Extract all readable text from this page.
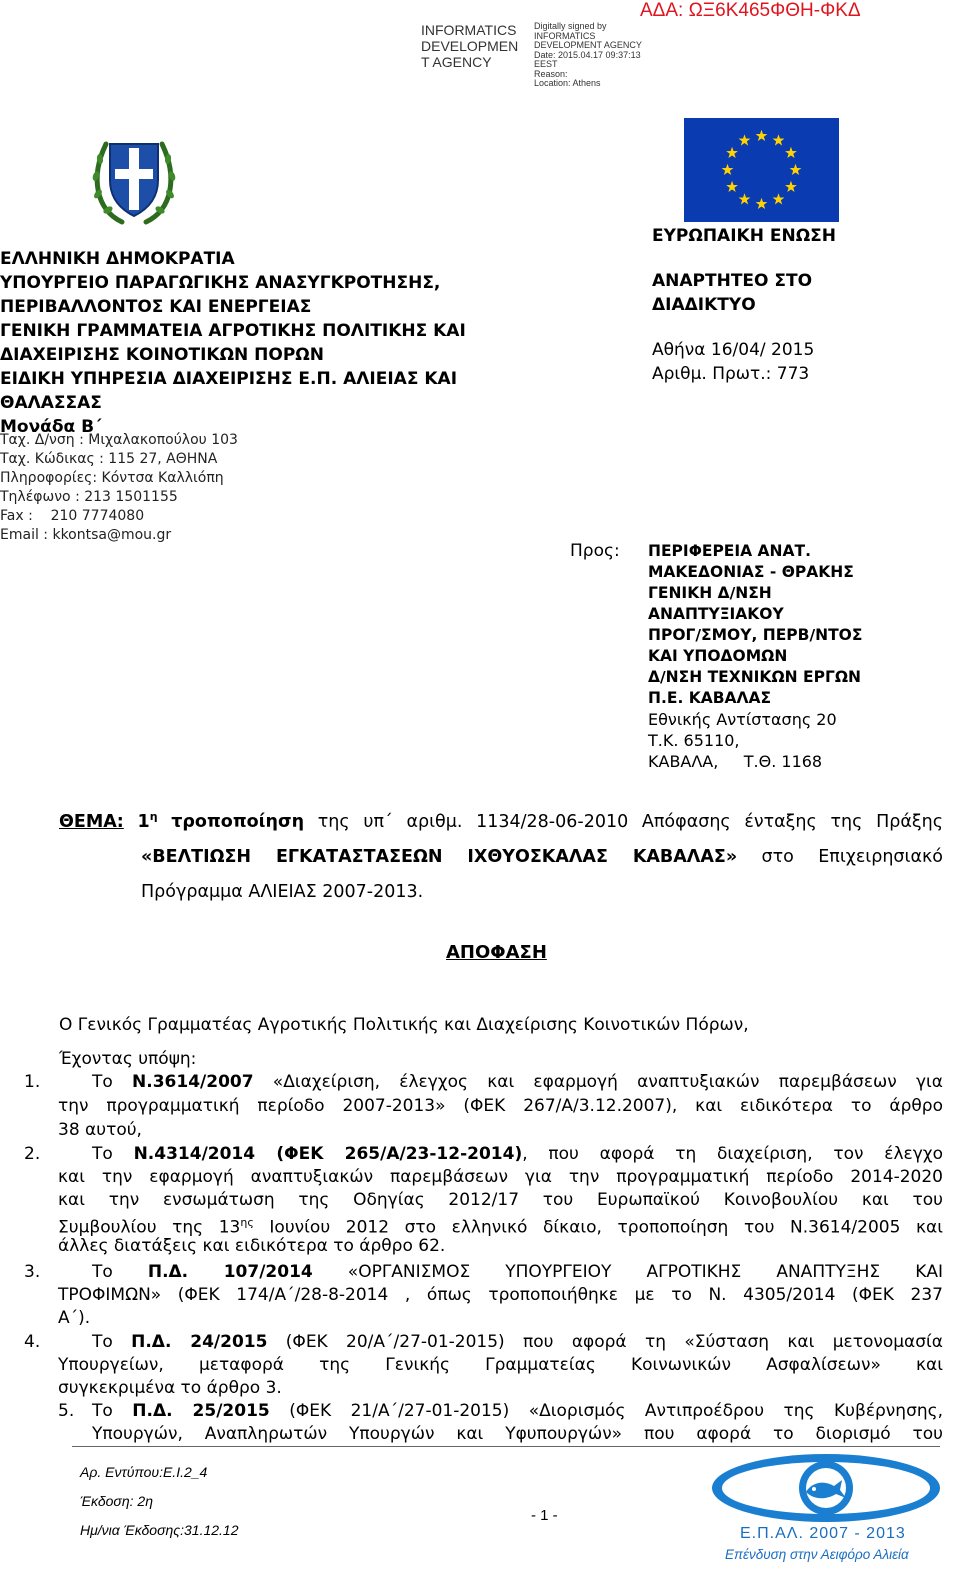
INFORMATICS
DEVELOPMEN
T AGENCY
Digitally signed by
INFORMATICS
DEVELOPMENT AGENCY
Date: 2015.04.17 09:37:13
EEST
Reason:
Location: Athens
ΑΔΑ: ΩΞ6Κ465ΦΘΗ-ΦΚΔ
ΕΛΛΗΝΙΚΗ ΔΗΜΟΚΡΑΤΙΑ
ΥΠΟΥΡΓΕΙΟ ΠΑΡΑΓΩΓΙΚΗΣ ΑΝΑΣΥΓΚΡΟΤΗΣΗΣ,
ΠΕΡΙΒΑΛΛΟΝΤΟΣ ΚΑΙ ΕΝΕΡΓΕΙΑΣ
ΓΕΝΙΚΗ ΓΡΑΜΜΑΤΕΙΑ ΑΓΡΟΤΙΚΗΣ ΠΟΛΙΤΙΚΗΣ ΚΑΙ
ΔΙΑΧΕΙΡΙΣΗΣ ΚΟΙΝΟΤΙΚΩΝ ΠΟΡΩΝ
ΕΙΔΙΚΗ ΥΠΗΡΕΣΙΑ ΔΙΑΧΕΙΡΙΣΗΣ Ε.Π. ΑΛΙΕΙΑΣ ΚΑΙ
ΘΑΛΑΣΣΑΣ
Μονάδα Β΄
Ταχ. Δ/νση : Μιχαλακοπούλου 103
Ταχ. Κώδικας : 115 27, ΑΘΗΝΑ
Πληροφορίες: Κόντσα Καλλιόπη
Τηλέφωνο : 213 1501155
Fax :    210 7774080
Email : kkontsa@mou.gr
ΕΥΡΩΠΑΙΚΗ ΕΝΩΣΗ
ΑΝΑΡΤΗΤΕΟ ΣΤΟ
ΔΙΑΔΙΚΤΥΟ
Αθήνα 16/04/ 2015
Αριθμ. Πρωτ.: 773
Προς: ΠΕΡΙΦΕΡΕΙΑ ΑΝΑΤ.
ΜΑΚΕΔΟΝΙΑΣ - ΘΡΑΚΗΣ
ΓΕΝΙΚΗ Δ/ΝΣΗ
ΑΝΑΠΤΥΞΙΑΚΟΥ
ΠΡΟΓ/ΣΜΟΥ, ΠΕΡΒ/ΝΤΟΣ
ΚΑΙ ΥΠΟΔΟΜΩΝ
Δ/ΝΣΗ ΤΕΧΝΙΚΩΝ ΕΡΓΩΝ
Π.Ε. ΚΑΒΑΛΑΣ
Εθνικής Αντίστασης 20
Τ.Κ. 65110,
ΚΑΒΑΛΑ,     Τ.Θ. 1168
ΘΕΜΑ: $1^\eta$ τροποποίηση της υπ΄ αριθμ. 1134/28-06-2010 Απόφασης ένταξης της Πράξης
«ΒΕΛΤΙΩΣΗ ΕΓΚΑΤΑΣΤΑΣΕΩΝ ΙΧΘΥΟΣΚΑΛΑΣ ΚΑΒΑΛΑΣ» στο Επιχειρησιακό
Πρόγραμμα ΑΛΙΕΙΑΣ 2007-2013.
ΑΠΟΦΑΣΗ
Ο Γενικός Γραμματέας Αγροτικής Πολιτικής και Διαχείρισης Κοινοτικών Πόρων,
Έχοντας υπόψη:
1.	Το Ν.3614/2007 «Διαχείριση, έλεγχος και εφαρμογή αναπτυξιακών παρεμβάσεων για
την προγραμματική περίοδο 2007-2013» (ΦΕΚ 267/Α/3.12.2007), και ειδικότερα το άρθρο
38 αυτού,
2.	Το Ν.4314/2014 (ΦΕΚ 265/Α/23-12-2014), που αφορά τη διαχείριση, τον έλεγχο
και την εφαρμογή αναπτυξιακών παρεμβάσεων για την προγραμματική περίοδο 2014-2020
και την ενσωμάτωση της Οδηγίας 2012/17 του Ευρωπαϊκού Κοινοβουλίου και του
Συμβουλίου της $13^{\eta\varsigma}$ Ιουνίου 2012 στο ελληνικό δίκαιο, τροποποίηση του Ν.3614/2005 και
άλλες διατάξεις και ειδικότερα το άρθρο 62.
3.	Το Π.Δ. 107/2014 «ΟΡΓΑΝΙΣΜΟΣ ΥΠΟΥΡΓΕΙΟΥ ΑΓΡΟΤΙΚΗΣ ΑΝΑΠΤΥΞΗΣ ΚΑΙ
ΤΡΟΦΙΜΩΝ» (ΦΕΚ 174/Α΄/28-8-2014 , όπως τροποποιήθηκε με το Ν. 4305/2014 (ΦΕΚ 237
Α΄).
4.	Το Π.Δ. 24/2015 (ΦΕΚ 20/Α΄/27-01-2015) που αφορά τη «Σύσταση και μετονομασία
Υπουργείων, μεταφορά της Γενικής Γραμματείας Κοινωνικών Ασφαλίσεων» και
συγκεκριμένα το άρθρο 3.
5. Το Π.Δ. 25/2015 (ΦΕΚ 21/Α΄/27-01-2015) «Διορισμός Αντιπροέδρου της Κυβέρνησης,
Υπουργών, Αναπληρωτών Υπουργών και Υφυπουργών» που αφορά το διορισμό του
Αρ. Εντύπου:Ε.Ι.2_4
Έκδοση: 2η
Ημ/νια Έκδοσης:31.12.12
- 1 -
Ε.Π.ΑΛ. 2007 - 2013
Επένδυση στην Αειφόρο Αλιεία
